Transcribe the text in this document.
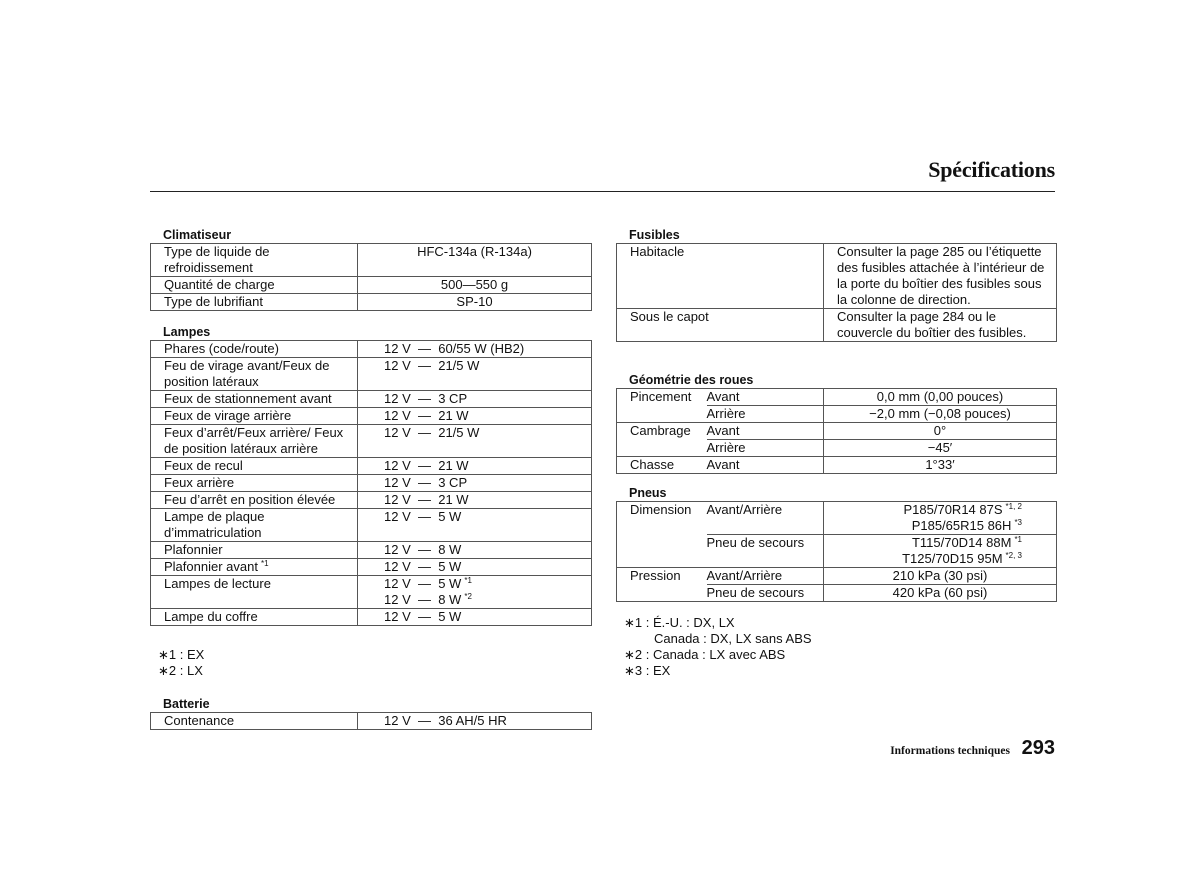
Spécifications
Climatiseur
Type de liquide de refroidissement	HFC-134a (R-134a)
Quantité de charge	500—550 g
Type de lubrifiant	SP-10
Lampes
Phares (code/route)	12 V — 60/55 W (HB2)
Feu de virage avant/Feux de position latéraux	12 V — 21/5 W
Feux de stationnement avant	12 V — 3 CP
Feux de virage arrière	12 V — 21 W
Feux d’arrêt/Feux arrière/ Feux de position latéraux arrière	12 V — 21/5 W
Feux de recul	12 V — 21 W
Feux arrière	12 V — 3 CP
Feu d’arrêt en position élevée	12 V — 21 W
Lampe de plaque d’immatriculation	12 V — 5 W
Plafonnier	12 V — 8 W
Plafonnier avant $^{*1}$	12 V — 5 W
Lampes de lecture	12 V — 5 W $^{*1}$
12 V — 8 W $^{*2}$

Lampe du coffre	12 V — 5 W
∗1 : EX
∗2 : LX
Batterie
Contenance	12 V — 36 AH/5 HR
Fusibles
Habitacle	Consulter la page 285 ou l’étiquette des fusibles attachée à l’intérieur de la porte du boîtier des fusibles sous la colonne de direction.
Sous le capot	Consulter la page 284 ou le couvercle du boîtier des fusibles.
Géométrie des roues
Pincement	Avant	0,0 mm (0,00 pouces)
	Arrière	−2,0 mm (−0,08 pouces)
Cambrage	Avant	0°
	Arrière	−45′
Chasse	Avant	1°33′
Pneus
Dimension	Avant/Arrière	P185/70R14 87S $^{*1, 2}$
P185/65R15 86H $^{*3}$

	Pneu de secours	T115/70D14 88M $^{*1}$
T125/70D15 95M $^{*2, 3}$

Pression	Avant/Arrière	210 kPa (30 psi)
	Pneu de secours	420 kPa (60 psi)
∗1 : É.-U. : DX, LX
Canada : DX, LX sans ABS
∗2 : Canada : LX avec ABS
∗3 : EX
Informations techniques 293
